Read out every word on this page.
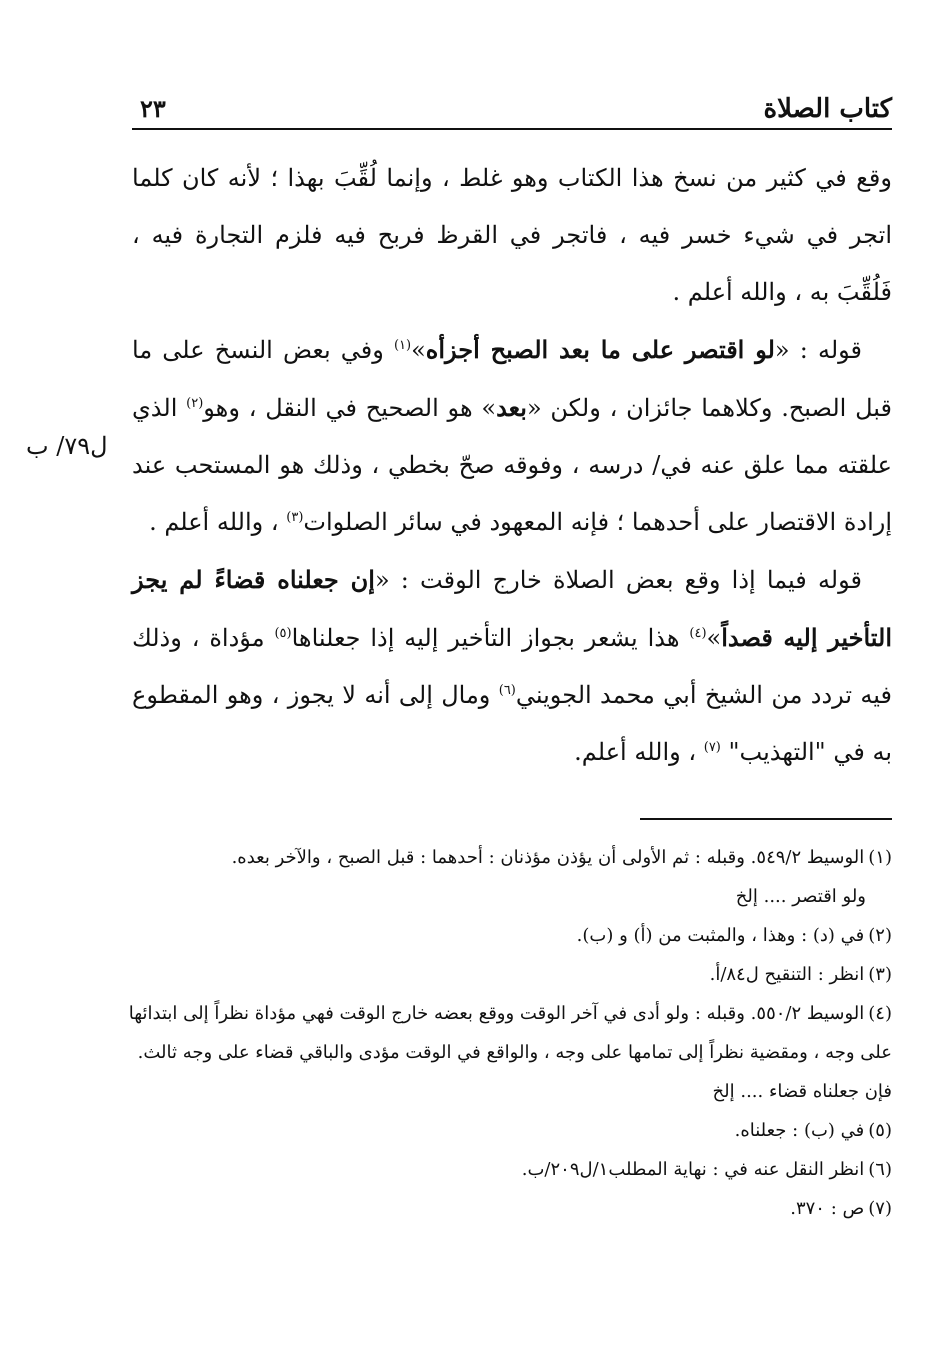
كتاب الصلاة
٢٣
ل٧٩/ ب

وقع في كثير من نسخ هذا الكتاب وهو غلط ، وإنما لُقِّبَ بهذا ؛ لأنه كان كلما اتجر في شيء خسر فيه ، فاتجر في القرظ فربح فيه فلزم التجارة فيه ، فَلُقِّبَ به ، والله أعلم .

قوله : «لو اقتصر على ما بعد الصبح أجزأه»$^{(١)}$ وفي بعض النسخ على ما قبل الصبح. وكلاهما جائزان ، ولكن «بعد» هو الصحيح في النقل ، وهو$^{(٢)}$ الذي علقته مما علق عنه في/ درسه ، وفوقه صحّ بخطي ، وذلك هو المستحب عند إرادة الاقتصار على أحدهما ؛ فإنه المعهود في سائر الصلوات$^{(٣)}$ ، والله أعلم .

قوله فيما إذا وقع بعض الصلاة خارج الوقت : «إن جعلناه قضاءً لم يجز التأخير إليه قصداً»$^{(٤)}$ هذا يشعر بجواز التأخير إليه إذا جعلناها$^{(٥)}$ مؤداة ، وذلك فيه تردد من الشيخ أبي محمد الجويني$^{(٦)}$ ومال إلى أنه لا يجوز ، وهو المقطوع به في "التهذيب" $^{(٧)}$ ، والله أعلم.

(١)الوسيط ٥٤٩/٢. وقبله : ثم الأولى أن يؤذن مؤذنان : أحدهما : قبل الصبح ، والآخر بعده.
ولو اقتصر .... إلخ

(٢)في (د) : وهذا ، والمثبت من (أ) و (ب).

(٣)انظر : التنقيح ل٨٤/أ.

(٤)الوسيط ٥٥٠/٢. وقبله : ولو أدى في آخر الوقت ووقع بعضه خارج الوقت فهي مؤداة نظراً إلى ابتدائها على وجه ، ومقضية نظراً إلى تمامها على وجه ، والواقع في الوقت مؤدى والباقي قضاء على وجه ثالث. فإن جعلناه قضاء .... إلخ

(٥)في (ب) : جعلناه.

(٦)انظر النقل عنه في : نهاية المطلب١/ل٢٠٩/ب.

(٧)ص : ٣٧٠.
